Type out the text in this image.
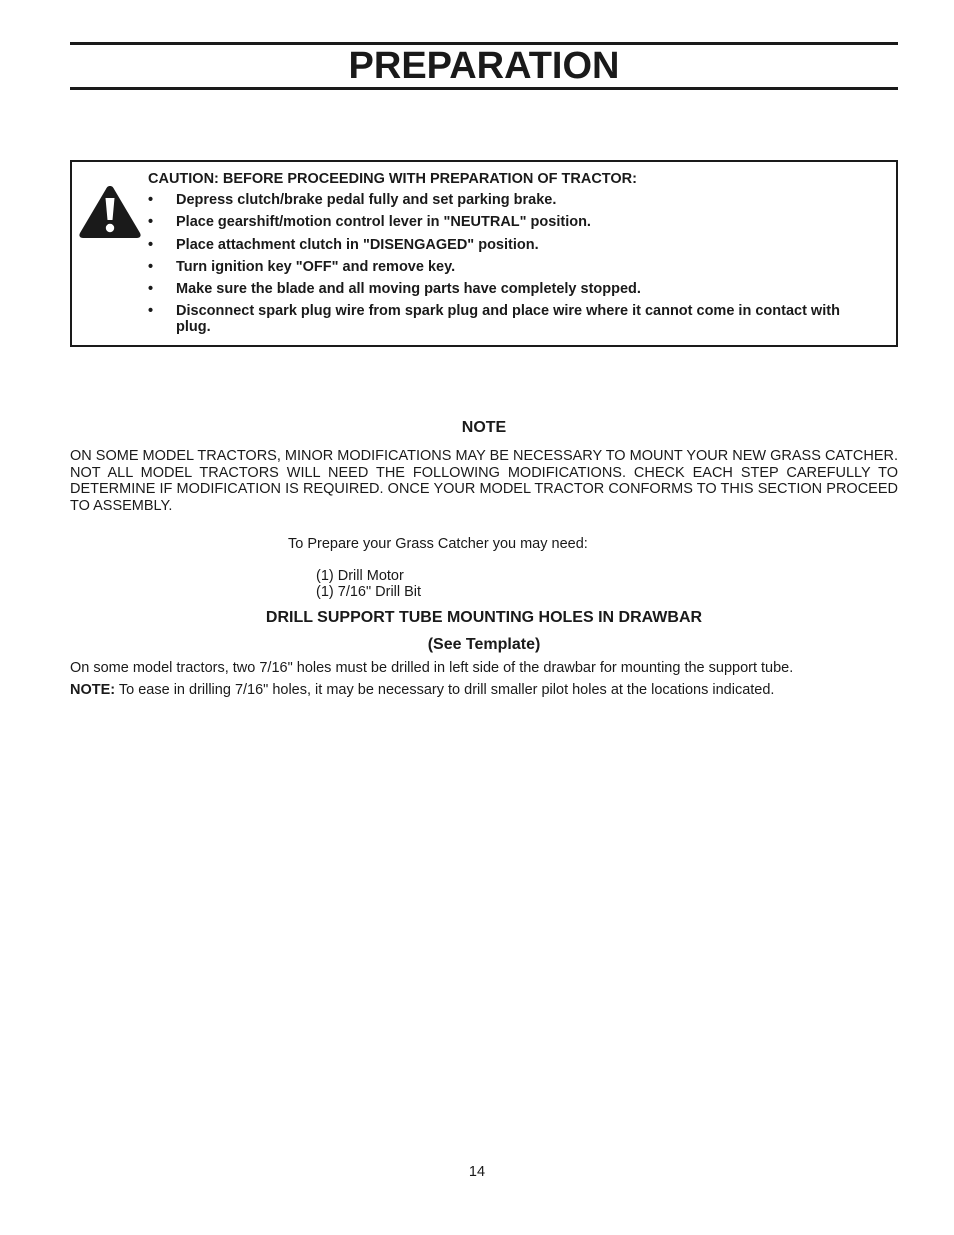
PREPARATION
CAUTION: BEFORE PROCEEDING WITH PREPARATION OF TRACTOR:
• Depress clutch/brake pedal fully and set parking brake.
• Place gearshift/motion control lever in "NEUTRAL" position.
• Place attachment clutch in "DISENGAGED" position.
• Turn ignition key "OFF" and remove key.
• Make sure the blade and all moving parts have completely stopped.
• Disconnect spark plug wire from spark plug and place wire where it cannot come in contact with plug.
NOTE
ON SOME MODEL TRACTORS, MINOR MODIFICATIONS MAY BE NECESSARY TO MOUNT YOUR NEW GRASS CATCHER. NOT ALL MODEL TRACTORS WILL NEED THE FOLLOWING MODIFICATIONS. CHECK EACH STEP CAREFULLY TO DETERMINE IF MODIFICATION IS REQUIRED. ONCE YOUR MODEL TRACTOR CONFORMS TO THIS SECTION PROCEED TO ASSEMBLY.
To Prepare your Grass Catcher you may need:
(1) Drill Motor
(1) 7/16" Drill Bit
DRILL SUPPORT TUBE MOUNTING HOLES IN DRAWBAR
(See Template)
On some model tractors, two 7/16" holes must be drilled in left side of the drawbar for mounting the support tube.
NOTE: To ease in drilling 7/16" holes, it may be necessary to drill smaller pilot holes at the locations indicated.
14
